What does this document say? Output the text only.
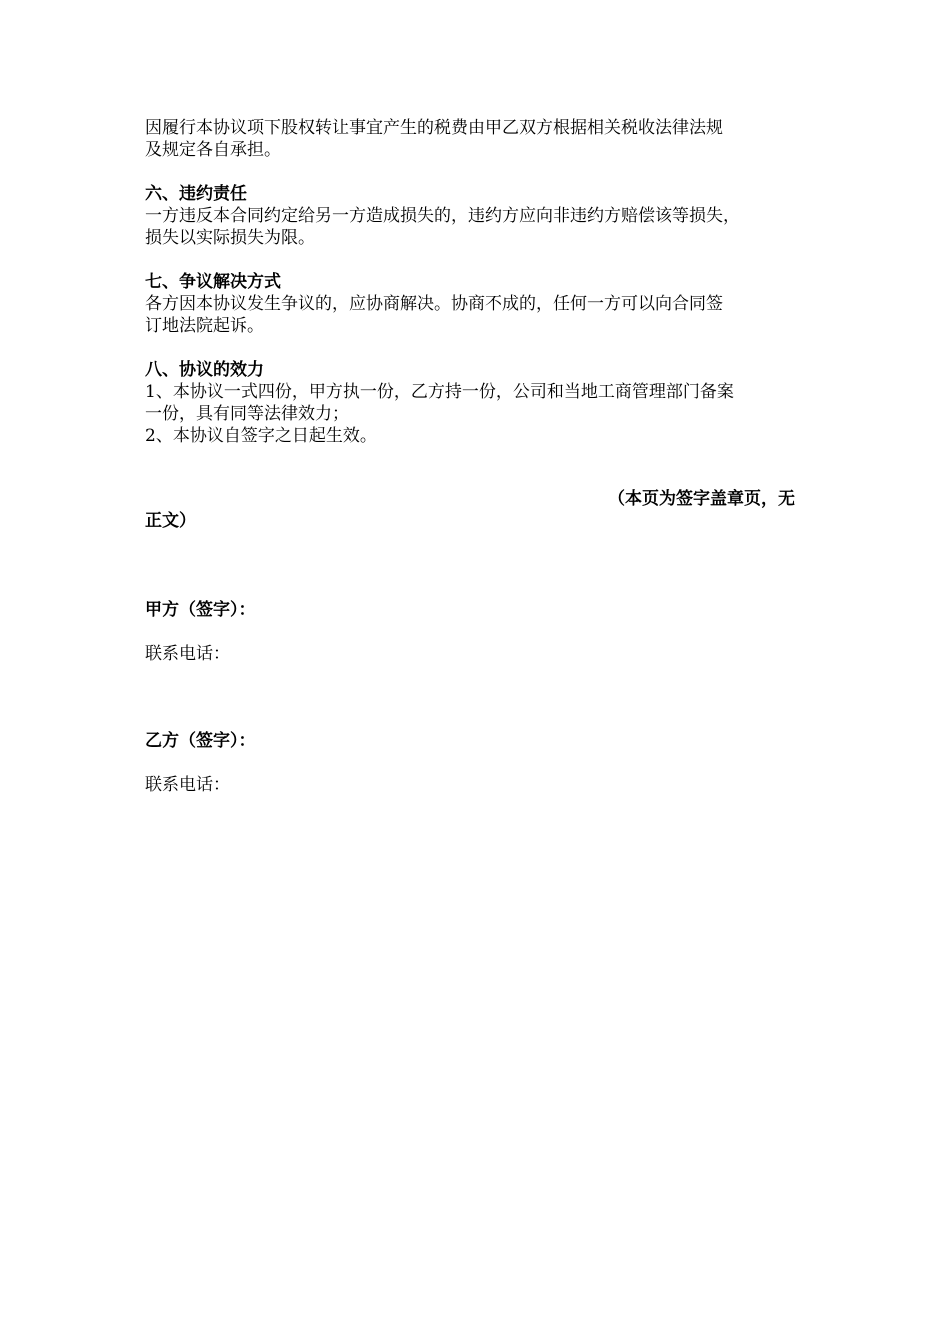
因履行本协议项下股权转让事宜产生的税费由甲乙双方根据相关税收法律法规

及规定各自承担。

六、违约责任

一方违反本合同约定给另一方造成损失的，违约方应向非违约方赔偿该等损失，

损失以实际损失为限。

七、争议解决方式

各方因本协议发生争议的，应协商解决。协商不成的，任何一方可以向合同签

订地法院起诉。

八、协议的效力

1、本协议一式四份，甲方执一份，乙方持一份，公司和当地工商管理部门备案

一份，具有同等法律效力；

2、本协议自签字之日起生效。

（本页为签字盖章页，无
正文）
甲方（签字）：
联系电话：
乙方（签字）：
联系电话：
